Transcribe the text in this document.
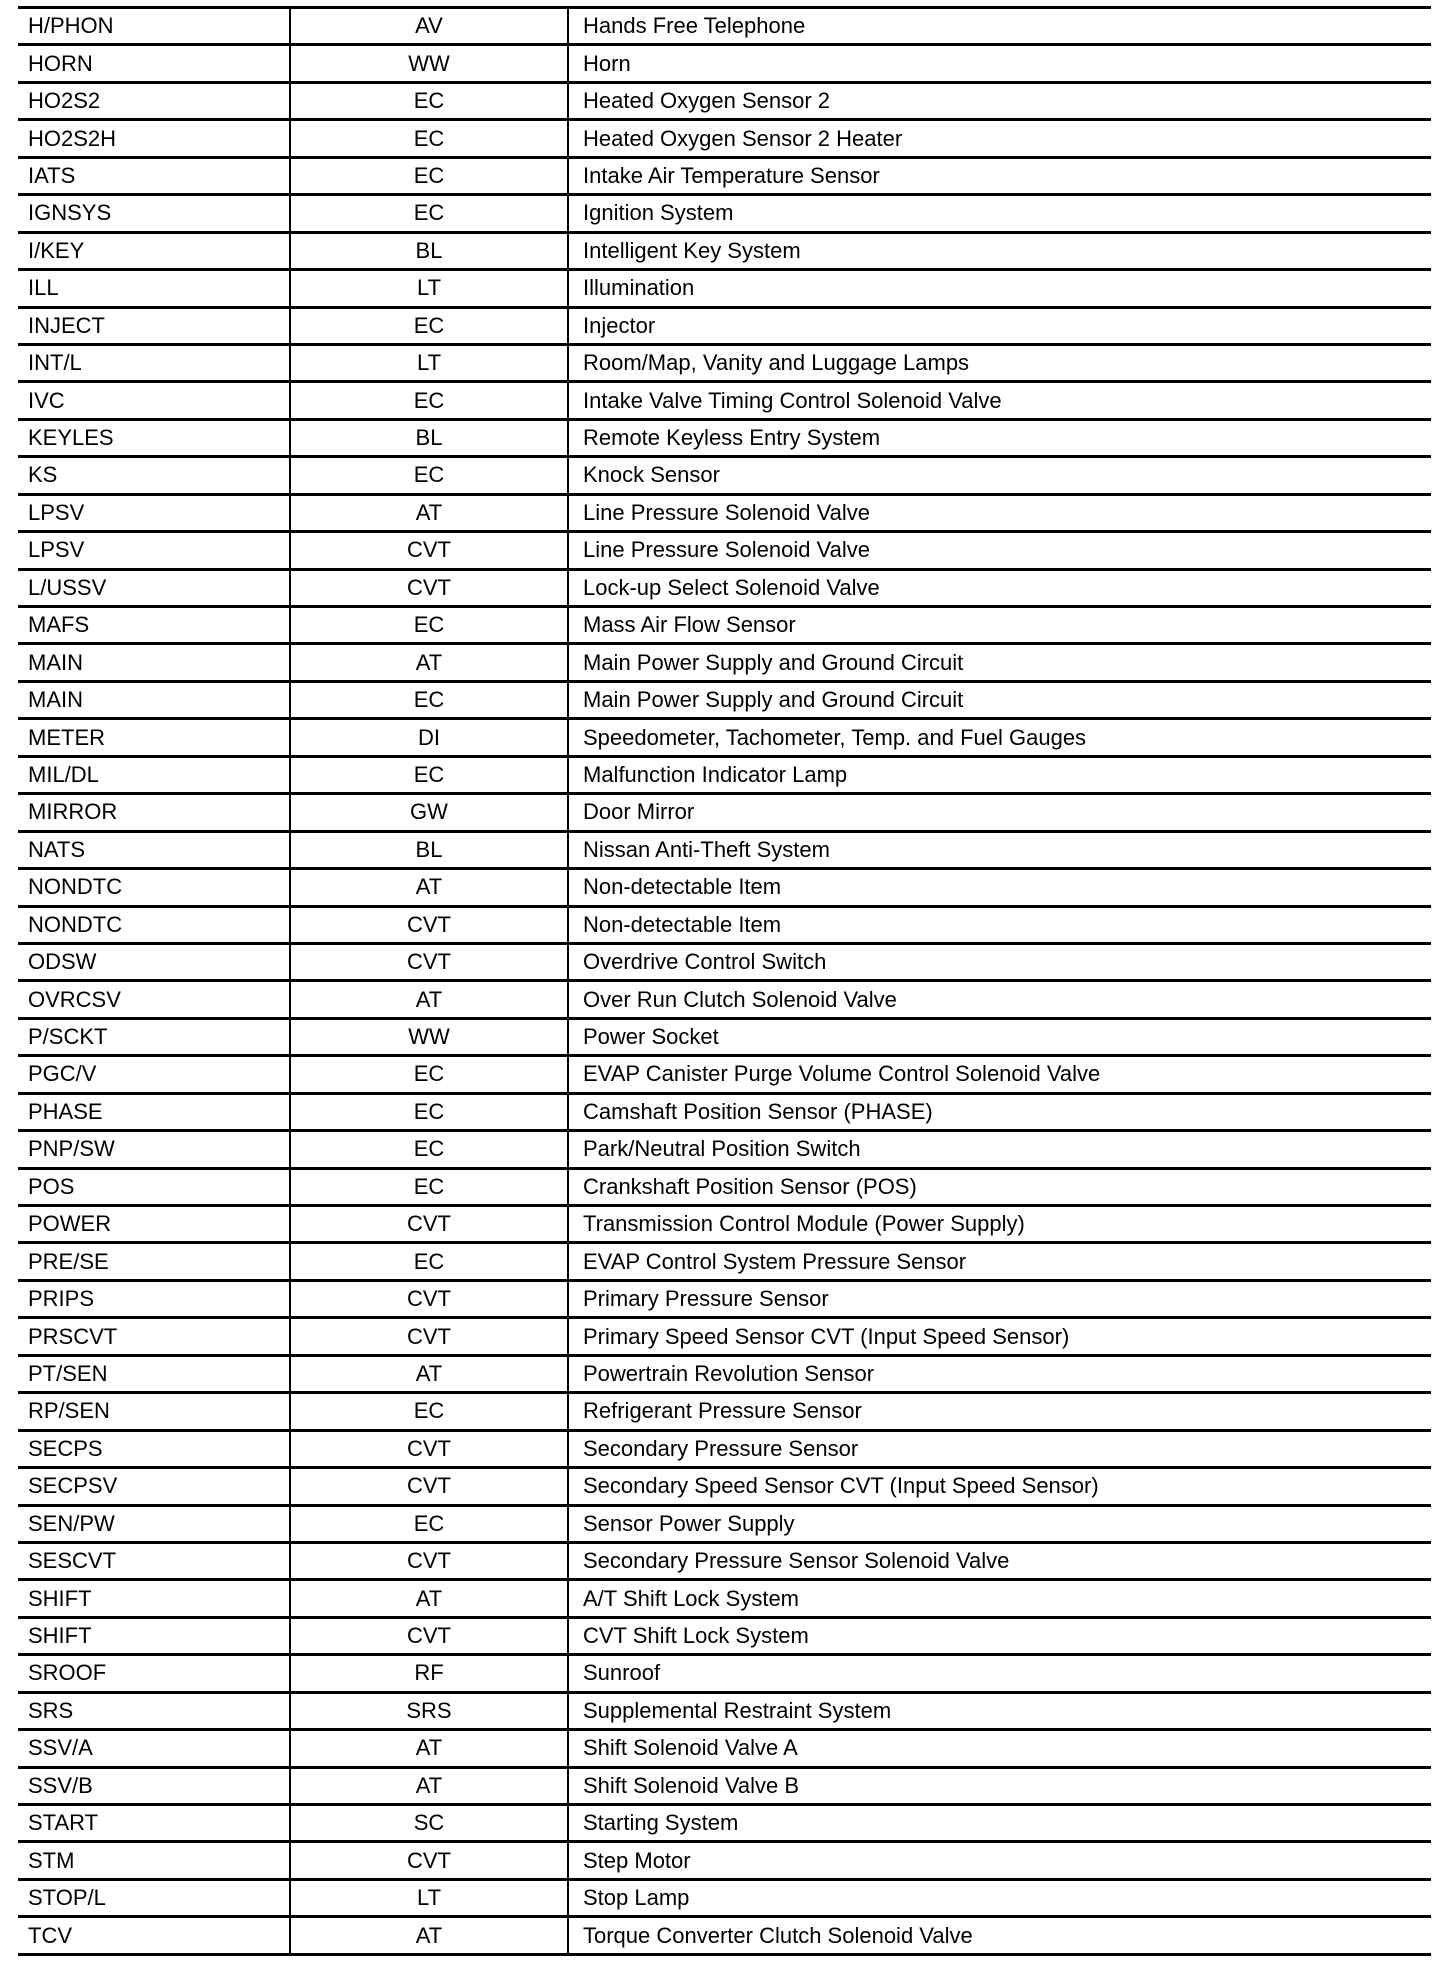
H/PHON	AV	Hands Free Telephone
HORN	WW	Horn
HO2S2	EC	Heated Oxygen Sensor 2
HO2S2H	EC	Heated Oxygen Sensor 2 Heater
IATS	EC	Intake Air Temperature Sensor
IGNSYS	EC	Ignition System
I/KEY	BL	Intelligent Key System
ILL	LT	Illumination
INJECT	EC	Injector
INT/L	LT	Room/Map, Vanity and Luggage Lamps
IVC	EC	Intake Valve Timing Control Solenoid Valve
KEYLES	BL	Remote Keyless Entry System
KS	EC	Knock Sensor
LPSV	AT	Line Pressure Solenoid Valve
LPSV	CVT	Line Pressure Solenoid Valve
L/USSV	CVT	Lock-up Select Solenoid Valve
MAFS	EC	Mass Air Flow Sensor
MAIN	AT	Main Power Supply and Ground Circuit
MAIN	EC	Main Power Supply and Ground Circuit
METER	DI	Speedometer, Tachometer, Temp. and Fuel Gauges
MIL/DL	EC	Malfunction Indicator Lamp
MIRROR	GW	Door Mirror
NATS	BL	Nissan Anti-Theft System
NONDTC	AT	Non-detectable Item
NONDTC	CVT	Non-detectable Item
ODSW	CVT	Overdrive Control Switch
OVRCSV	AT	Over Run Clutch Solenoid Valve
P/SCKT	WW	Power Socket
PGC/V	EC	EVAP Canister Purge Volume Control Solenoid Valve
PHASE	EC	Camshaft Position Sensor (PHASE)
PNP/SW	EC	Park/Neutral Position Switch
POS	EC	Crankshaft Position Sensor (POS)
POWER	CVT	Transmission Control Module (Power Supply)
PRE/SE	EC	EVAP Control System Pressure Sensor
PRIPS	CVT	Primary Pressure Sensor
PRSCVT	CVT	Primary Speed Sensor CVT (Input Speed Sensor)
PT/SEN	AT	Powertrain Revolution Sensor
RP/SEN	EC	Refrigerant Pressure Sensor
SECPS	CVT	Secondary Pressure Sensor
SECPSV	CVT	Secondary Speed Sensor CVT (Input Speed Sensor)
SEN/PW	EC	Sensor Power Supply
SESCVT	CVT	Secondary Pressure Sensor Solenoid Valve
SHIFT	AT	A/T Shift Lock System
SHIFT	CVT	CVT Shift Lock System
SROOF	RF	Sunroof
SRS	SRS	Supplemental Restraint System
SSV/A	AT	Shift Solenoid Valve A
SSV/B	AT	Shift Solenoid Valve B
START	SC	Starting System
STM	CVT	Step Motor
STOP/L	LT	Stop Lamp
TCV	AT	Torque Converter Clutch Solenoid Valve
